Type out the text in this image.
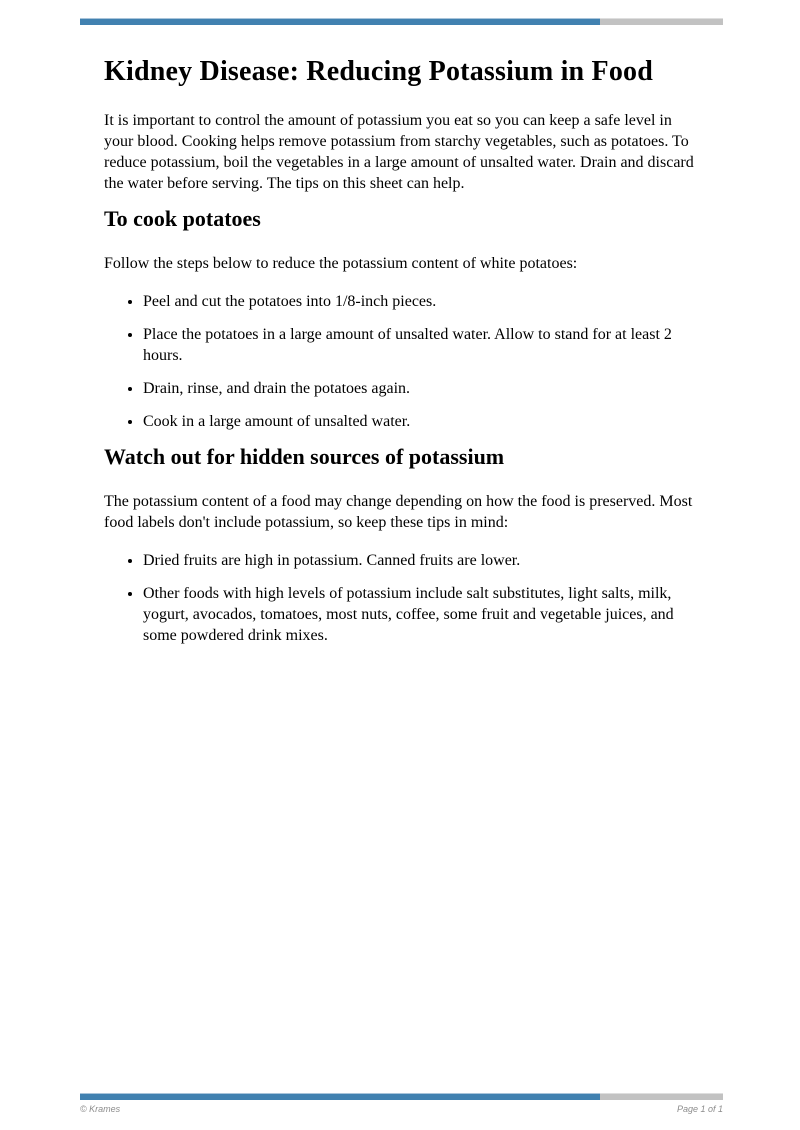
Kidney Disease: Reducing Potassium in Food

It is important to control the amount of potassium you eat so you can keep a safe level in your blood. Cooking helps remove potassium from starchy vegetables, such as potatoes. To reduce potassium, boil the vegetables in a large amount of unsalted water. Drain and discard the water before serving. The tips on this sheet can help.

To cook potatoes

Follow the steps below to reduce the potassium content of white potatoes:

• Peel and cut the potatoes into 1/8-inch pieces.
• Place the potatoes in a large amount of unsalted water. Allow to stand for at least 2 hours.
• Drain, rinse, and drain the potatoes again.
• Cook in a large amount of unsalted water.
Watch out for hidden sources of potassium

The potassium content of a food may change depending on how the food is preserved. Most food labels don't include potassium, so keep these tips in mind:

• Dried fruits are high in potassium. Canned fruits are lower.
• Other foods with high levels of potassium include salt substitutes, light salts, milk, yogurt, avocados, tomatoes, most nuts, coffee, some fruit and vegetable juices, and some powdered drink mixes.
© Krames	Page 1 of 1
